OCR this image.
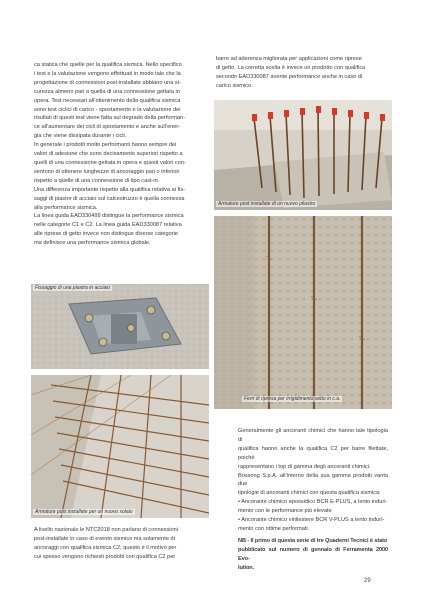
ca statica che quelle per la qualifica sismica. Nello specifico

i test e la valutazione vengono effettuati in modo tale che la

progettazione di connessioni post-installate abbiano una si-

curezza almeno pari a quella di una connessione gettata in

opera. Test necessari all’ottenimento della qualifica sismica

sono test ciclici di carico - spostamento e la valutazione dei

risultati di questi test viene fatta sul degrado della performan-

ce all’aumentare dei cicli di spostamento e anche sull’ener-

gia che viene dissipata durante i cicli.

In generale i prodotti molto performanti hanno sempre dei

valori di adesione che sono decisamente superiori rispetto a

quelli di una connessione gettata in opera e questi valori con-

sentono di ottenere lunghezze di ancoraggio pari o inferiori

rispetto a quelle di una connessione di tipo cast-in.

Una differenza importante rispetto alla qualifica relativa ai fis-

saggi di piastre di acciaio sul calcestruzzo è quella connessa

alla performance sismica.

La linea guida EAD330499 distingue la performance sismica

nelle categorie C1 e C2. La linea guida EAD330087 relativa

alle riprese di getto invece non distingue diverse categorie

ma definisce una performance sismica globale.

barre ad aderenza migliorata per applicazioni come riprese

di getto. La corretta scelta è invece un prodotto con qualifica

secondo EAD330087 avente performance anche in caso di

carico sismico.

Fissaggio di una piastra in acciaio
Armature post installate di un nuovo pilastro
Ferri di ripresa per irrigidimento setto in c.a.
Armature post installate per un nuovo solaio

A livello nazionale le NTC2018 non parlano di connessioni

post-installate in caso di evento sismico ma solamente di

ancoraggi con qualifica sismica C2, questo è il motivo per

cui spesso vengono richiesti prodotti con qualifica C2 per

Generalmente gli ancoranti chimici che hanno tale tipologia di

qualifica hanno anche la qualifica C2 per barre filettate, poiché

rappresentano i top di gamma degli ancoranti chimici.

Bossong S.p.A. all’interno della sua gamma prodotti vanta due

tipologie di ancoranti chimici con questa qualifica sismica:

• Ancorante chimico epossidico BCR E-PLUS, a lento induri-

mento con le performance più elevate

• Ancorante chimico vinilestere BCR V-PLUS a lento indurì-

mento con ottime performati.

NB - Il primo di questa serie di tre Quaderni Tecnici è stato

pubblicato sul numero di gennaio di Ferramenta 2000 Evo-

lution.

29
